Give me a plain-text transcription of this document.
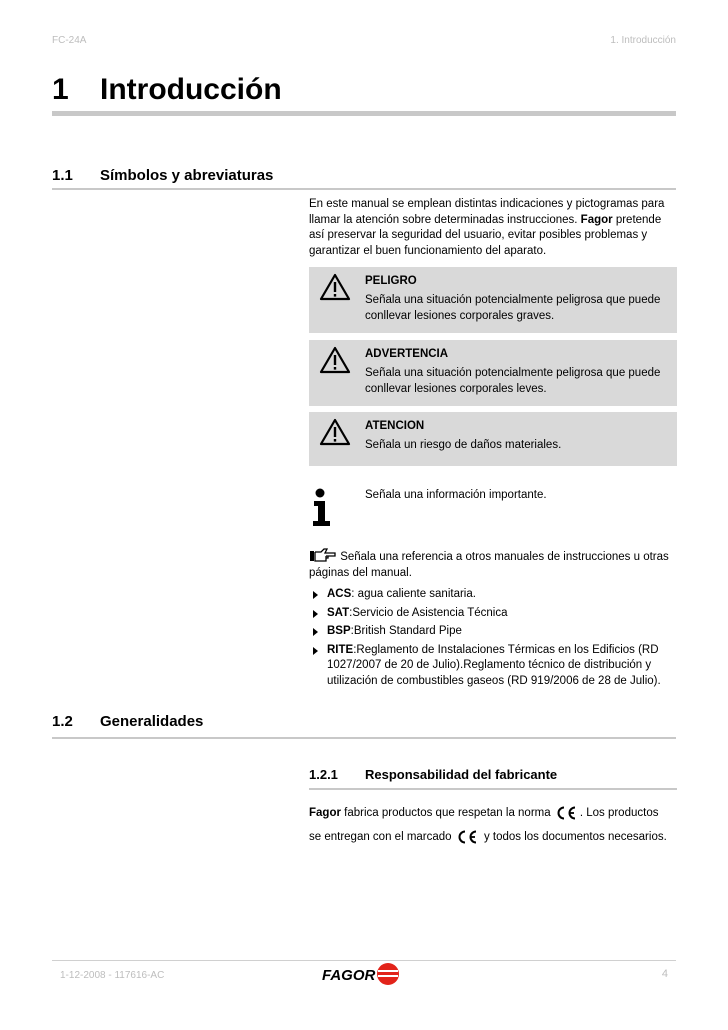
FC-24A	1. Introducción
1 Introducción
1.1 Símbolos y abreviaturas
En este manual se emplean distintas indicaciones y pictogramas para llamar la atención sobre determinadas instrucciones. Fagor pretende así preservar la seguridad del usuario, evitar posibles problemas y garantizar el buen funcionamiento del aparato.
PELIGRO
Señala una situación potencialmente peligrosa que puede conllevar lesiones corporales graves.
ADVERTENCIA
Señala una situación potencialmente peligrosa que puede conllevar lesiones corporales leves.
ATENCION
Señala un riesgo de daños materiales.
Señala una información importante.
Señala una referencia a otros manuales de instrucciones u otras páginas del manual.
ACS: agua caliente sanitaria.
SAT:Servicio de Asistencia Técnica
BSP:British Standard Pipe
RITE:Reglamento de Instalaciones Térmicas en los Edificios (RD 1027/2007 de 20 de Julio).Reglamento técnico de distribución y utilización de combustibles gaseos (RD 919/2006 de 28 de Julio).
1.2 Generalidades
1.2.1 Responsabilidad del fabricante
Fagor fabrica productos que respetan la norma . Los productos
se entregan con el marcado  y todos los documentos necesarios.
1-12-2008 - 117616-AC	FAGOR	4
